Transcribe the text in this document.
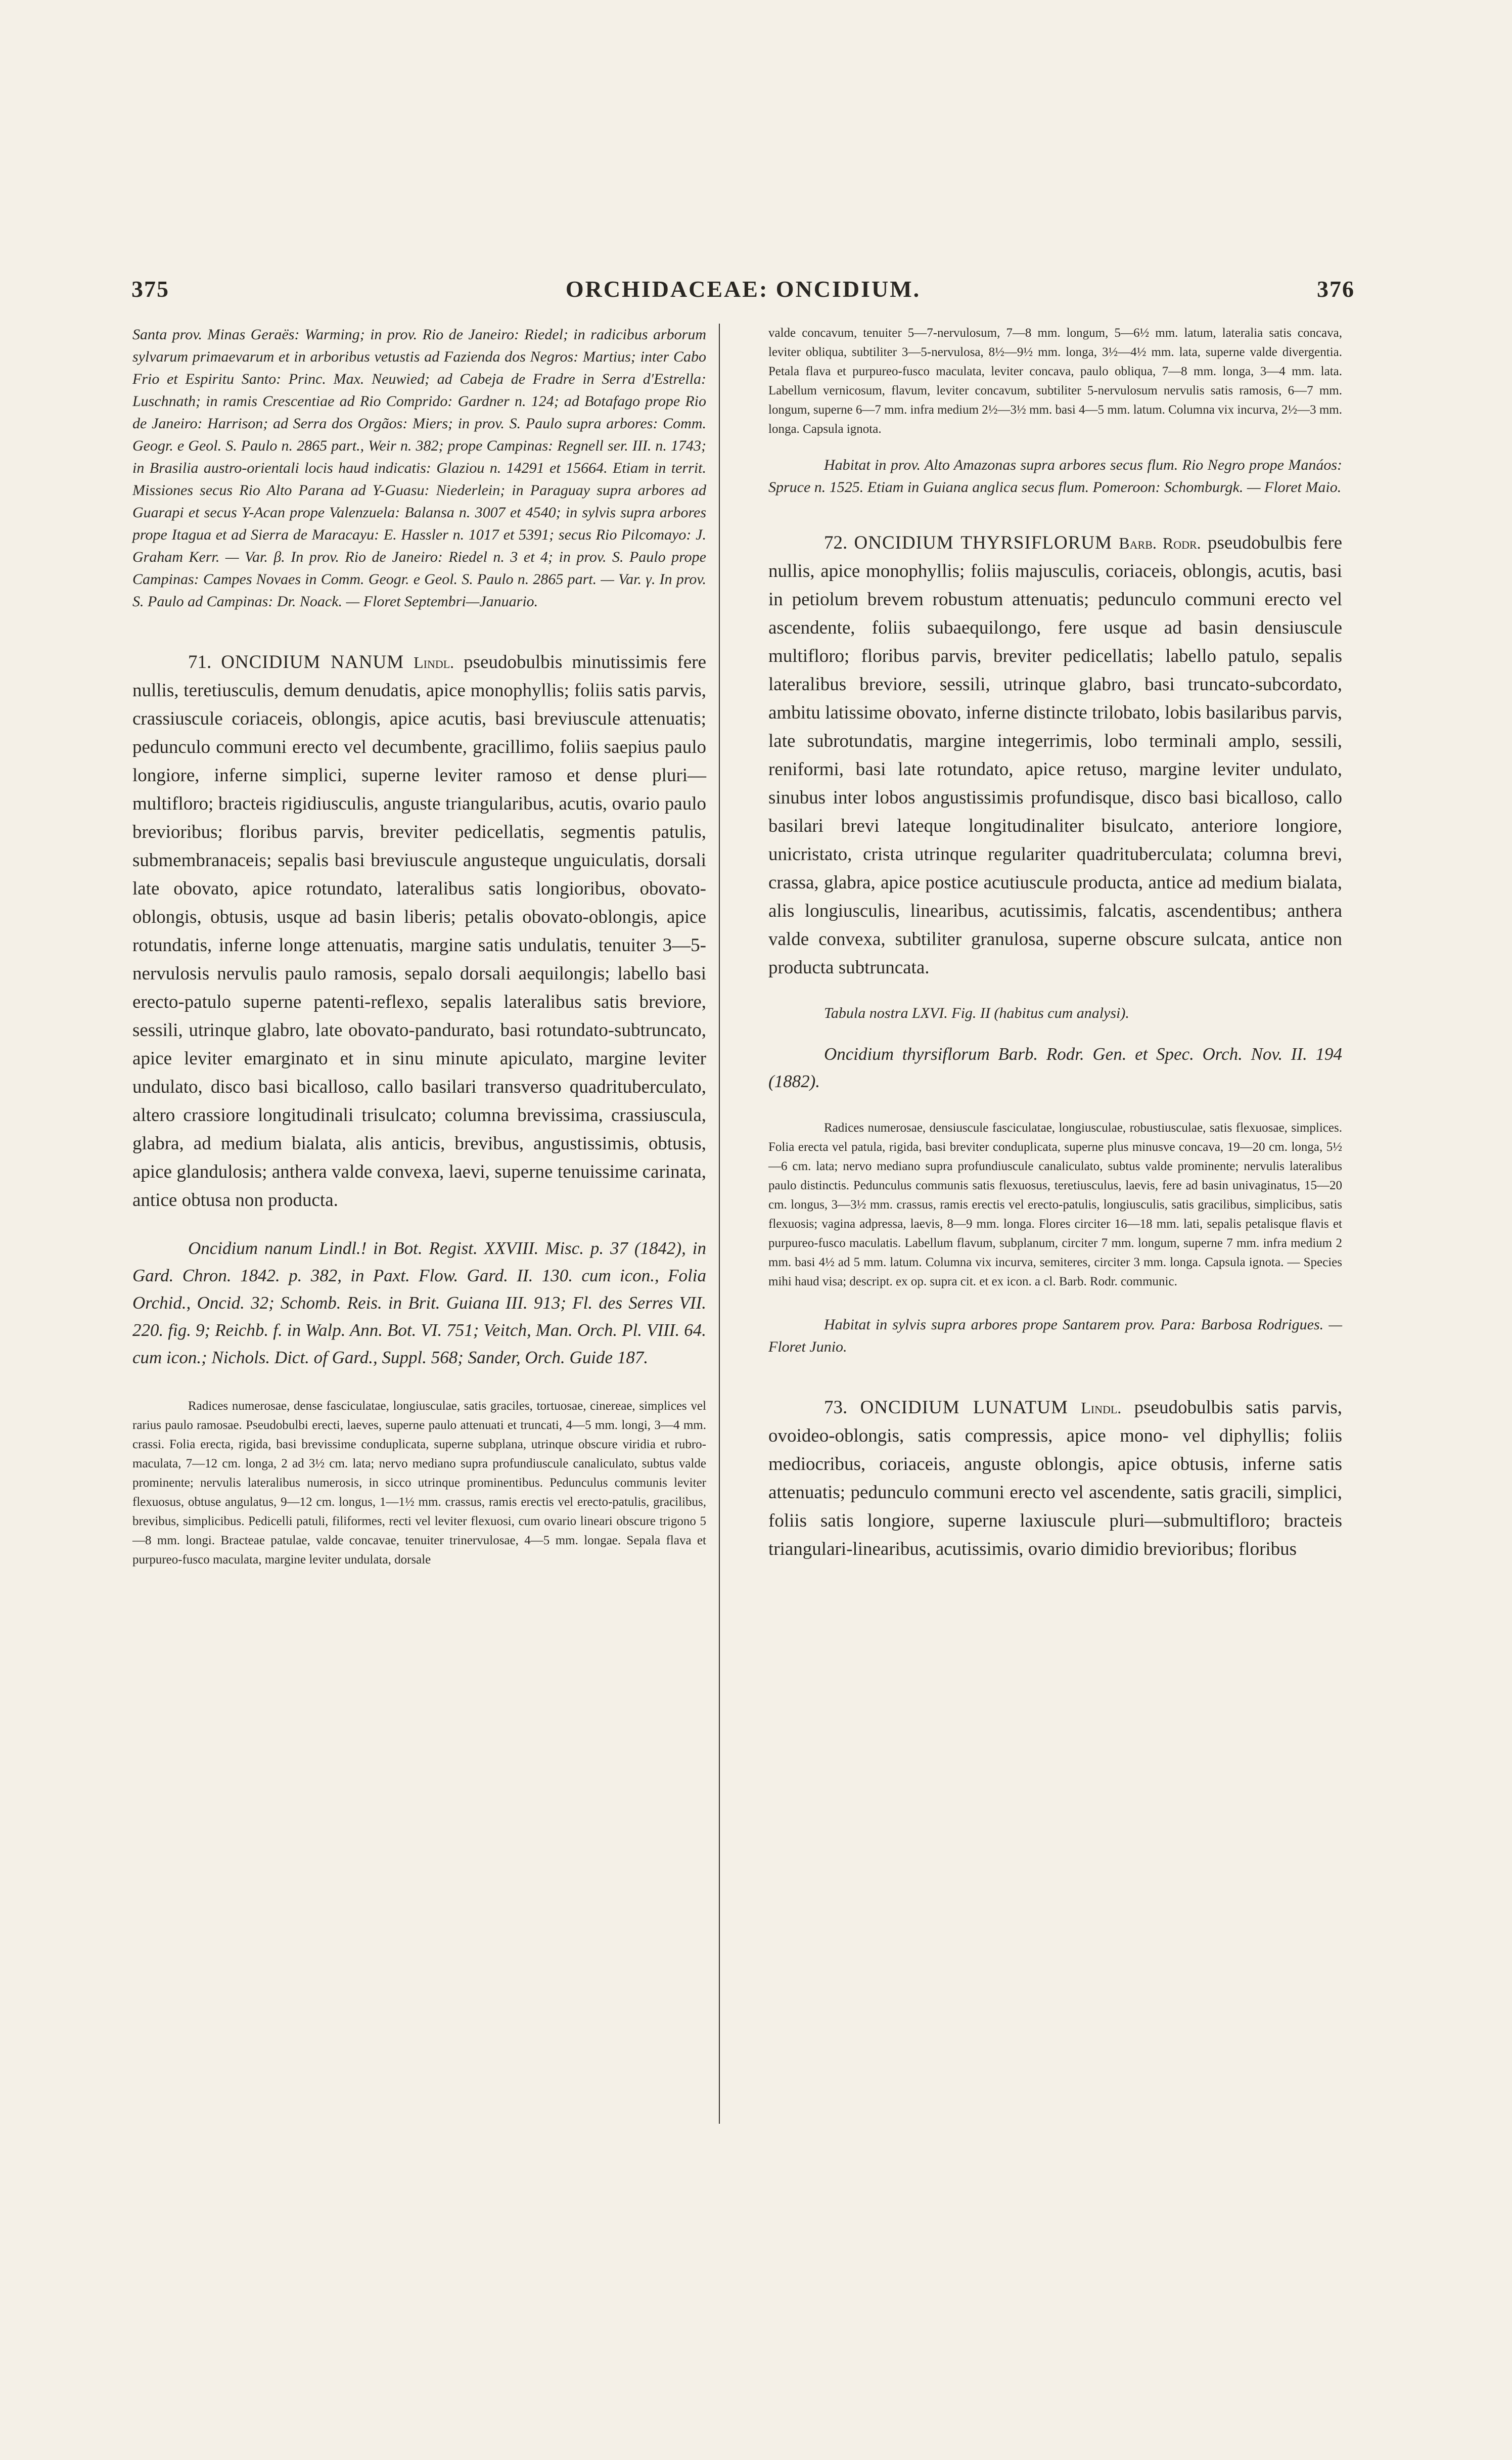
375	ORCHIDACEAE: ONCIDIUM.	376

Santa prov. Minas Geraës: Warming; in prov. Rio de Janeiro: Riedel; in radicibus arborum sylvarum primaevarum et in arboribus vetustis ad Fazienda dos Negros: Martius; inter Cabo Frio et Espiritu Santo: Princ. Max. Neuwied; ad Cabeja de Fradre in Serra d'Estrella: Luschnath; in ramis Crescentiae ad Rio Comprido: Gardner n. 124; ad Botafago prope Rio de Janeiro: Harrison; ad Serra dos Orgãos: Miers; in prov. S. Paulo supra arbores: Comm. Geogr. e Geol. S. Paulo n. 2865 part., Weir n. 382; prope Campinas: Regnell ser. III. n. 1743; in Brasilia austro-orientali locis haud indicatis: Glaziou n. 14291 et 15664. Etiam in territ. Missiones secus Rio Alto Parana ad Y-Guasu: Niederlein; in Paraguay supra arbores ad Guarapi et secus Y-Acan prope Valenzuela: Balansa n. 3007 et 4540; in sylvis supra arbores prope Itagua et ad Sierra de Maracayu: E. Hassler n. 1017 et 5391; secus Rio Pilcomayo: J. Graham Kerr. — Var. β. In prov. Rio de Janeiro: Riedel n. 3 et 4; in prov. S. Paulo prope Campinas: Campes Novaes in Comm. Geogr. e Geol. S. Paulo n. 2865 part. — Var. γ. In prov. S. Paulo ad Campinas: Dr. Noack. — Floret Septembri—Januario.

71. ONCIDIUM NANUM Lindl. pseudobulbis minutissimis fere nullis, teretiusculis, demum denudatis, apice monophyllis; foliis satis parvis, crassiuscule coriaceis, oblongis, apice acutis, basi breviuscule attenuatis; pedunculo communi erecto vel decumbente, gracillimo, foliis saepius paulo longiore, inferne simplici, superne leviter ramoso et dense pluri—multifloro; bracteis rigidiusculis, anguste triangularibus, acutis, ovario paulo brevioribus; floribus parvis, breviter pedicellatis, segmentis patulis, submembranaceis; sepalis basi breviuscule angusteque unguiculatis, dorsali late obovato, apice rotundato, lateralibus satis longioribus, obovato-oblongis, obtusis, usque ad basin liberis; petalis obovato-oblongis, apice rotundatis, inferne longe attenuatis, margine satis undulatis, tenuiter 3—5-nervulosis nervulis paulo ramosis, sepalo dorsali aequilongis; labello basi erecto-patulo superne patenti-reflexo, sepalis lateralibus satis breviore, sessili, utrinque glabro, late obovato-pandurato, basi rotundato-subtruncato, apice leviter emarginato et in sinu minute apiculato, margine leviter undulato, disco basi bicalloso, callo basilari transverso quadrituberculato, altero crassiore longitudinali trisulcato; columna brevissima, crassiuscula, glabra, ad medium bialata, alis anticis, brevibus, angustissimis, obtusis, apice glandulosis; anthera valde convexa, laevi, superne tenuissime carinata, antice obtusa non producta.

Oncidium nanum Lindl.! in Bot. Regist. XXVIII. Misc. p. 37 (1842), in Gard. Chron. 1842. p. 382, in Paxt. Flow. Gard. II. 130. cum icon., Folia Orchid., Oncid. 32; Schomb. Reis. in Brit. Guiana III. 913; Fl. des Serres VII. 220. fig. 9; Reichb. f. in Walp. Ann. Bot. VI. 751; Veitch, Man. Orch. Pl. VIII. 64. cum icon.; Nichols. Dict. of Gard., Suppl. 568; Sander, Orch. Guide 187.

Radices numerosae, dense fasciculatae, longiusculae, satis graciles, tortuosae, cinereae, simplices vel rarius paulo ramosae. Pseudobulbi erecti, laeves, superne paulo attenuati et truncati, 4—5 mm. longi, 3—4 mm. crassi. Folia erecta, rigida, basi brevissime conduplicata, superne subplana, utrinque obscure viridia et rubro-maculata, 7—12 cm. longa, 2 ad 3½ cm. lata; nervo mediano supra profundiuscule canaliculato, subtus valde prominente; nervulis lateralibus numerosis, in sicco utrinque prominentibus. Pedunculus communis leviter flexuosus, obtuse angulatus, 9—12 cm. longus, 1—1½ mm. crassus, ramis erectis vel erecto-patulis, gracilibus, brevibus, simplicibus. Pedicelli patuli, filiformes, recti vel leviter flexuosi, cum ovario lineari obscure trigono 5—8 mm. longi. Bracteae patulae, valde concavae, tenuiter trinervulosae, 4—5 mm. longae. Sepala flava et purpureo-fusco maculata, margine leviter undulata, dorsale

valde concavum, tenuiter 5—7-nervulosum, 7—8 mm. longum, 5—6½ mm. latum, lateralia satis concava, leviter obliqua, subtiliter 3—5-nervulosa, 8½—9½ mm. longa, 3½—4½ mm. lata, superne valde divergentia. Petala flava et purpureo-fusco maculata, leviter concava, paulo obliqua, 7—8 mm. longa, 3—4 mm. lata. Labellum vernicosum, flavum, leviter concavum, subtiliter 5-nervulosum nervulis satis ramosis, 6—7 mm. longum, superne 6—7 mm. infra medium 2½—3½ mm. basi 4—5 mm. latum. Columna vix incurva, 2½—3 mm. longa. Capsula ignota.

Habitat in prov. Alto Amazonas supra arbores secus flum. Rio Negro prope Manáos: Spruce n. 1525. Etiam in Guiana anglica secus flum. Pomeroon: Schomburgk. — Floret Maio.

72. ONCIDIUM THYRSIFLORUM Barb. Rodr. pseudobulbis fere nullis, apice monophyllis; foliis majusculis, coriaceis, oblongis, acutis, basi in petiolum brevem robustum attenuatis; pedunculo communi erecto vel ascendente, foliis subaequilongo, fere usque ad basin densiuscule multifloro; floribus parvis, breviter pedicellatis; labello patulo, sepalis lateralibus breviore, sessili, utrinque glabro, basi truncato-subcordato, ambitu latissime obovato, inferne distincte trilobato, lobis basilaribus parvis, late subrotundatis, margine integerrimis, lobo terminali amplo, sessili, reniformi, basi late rotundato, apice retuso, margine leviter undulato, sinubus inter lobos angustissimis profundisque, disco basi bicalloso, callo basilari brevi lateque longitudinaliter bisulcato, anteriore longiore, unicristato, crista utrinque regulariter quadrituberculata; columna brevi, crassa, glabra, apice postice acutiuscule producta, antice ad medium bialata, alis longiusculis, linearibus, acutissimis, falcatis, ascendentibus; anthera valde convexa, subtiliter granulosa, superne obscure sulcata, antice non producta subtruncata.

Tabula nostra LXVI. Fig. II (habitus cum analysi).

Oncidium thyrsiflorum Barb. Rodr. Gen. et Spec. Orch. Nov. II. 194 (1882).

Radices numerosae, densiuscule fasciculatae, longiusculae, robustiusculae, satis flexuosae, simplices. Folia erecta vel patula, rigida, basi breviter conduplicata, superne plus minusve concava, 19—20 cm. longa, 5½—6 cm. lata; nervo mediano supra profundiuscule canaliculato, subtus valde prominente; nervulis lateralibus paulo distinctis. Pedunculus communis satis flexuosus, teretiusculus, laevis, fere ad basin univaginatus, 15—20 cm. longus, 3—3½ mm. crassus, ramis erectis vel erecto-patulis, longiusculis, satis gracilibus, simplicibus, satis flexuosis; vagina adpressa, laevis, 8—9 mm. longa. Flores circiter 16—18 mm. lati, sepalis petalisque flavis et purpureo-fusco maculatis. Labellum flavum, subplanum, circiter 7 mm. longum, superne 7 mm. infra medium 2 mm. basi 4½ ad 5 mm. latum. Columna vix incurva, semiteres, circiter 3 mm. longa. Capsula ignota. — Species mihi haud visa; descript. ex op. supra cit. et ex icon. a cl. Barb. Rodr. communic.

Habitat in sylvis supra arbores prope Santarem prov. Para: Barbosa Rodrigues. — Floret Junio.

73. ONCIDIUM LUNATUM Lindl. pseudobulbis satis parvis, ovoideo-oblongis, satis compressis, apice mono- vel diphyllis; foliis mediocribus, coriaceis, anguste oblongis, apice obtusis, inferne satis attenuatis; pedunculo communi erecto vel ascendente, satis gracili, simplici, foliis satis longiore, superne laxiuscule pluri—submultifloro; bracteis triangulari-linearibus, acutissimis, ovario dimidio brevioribus; floribus
